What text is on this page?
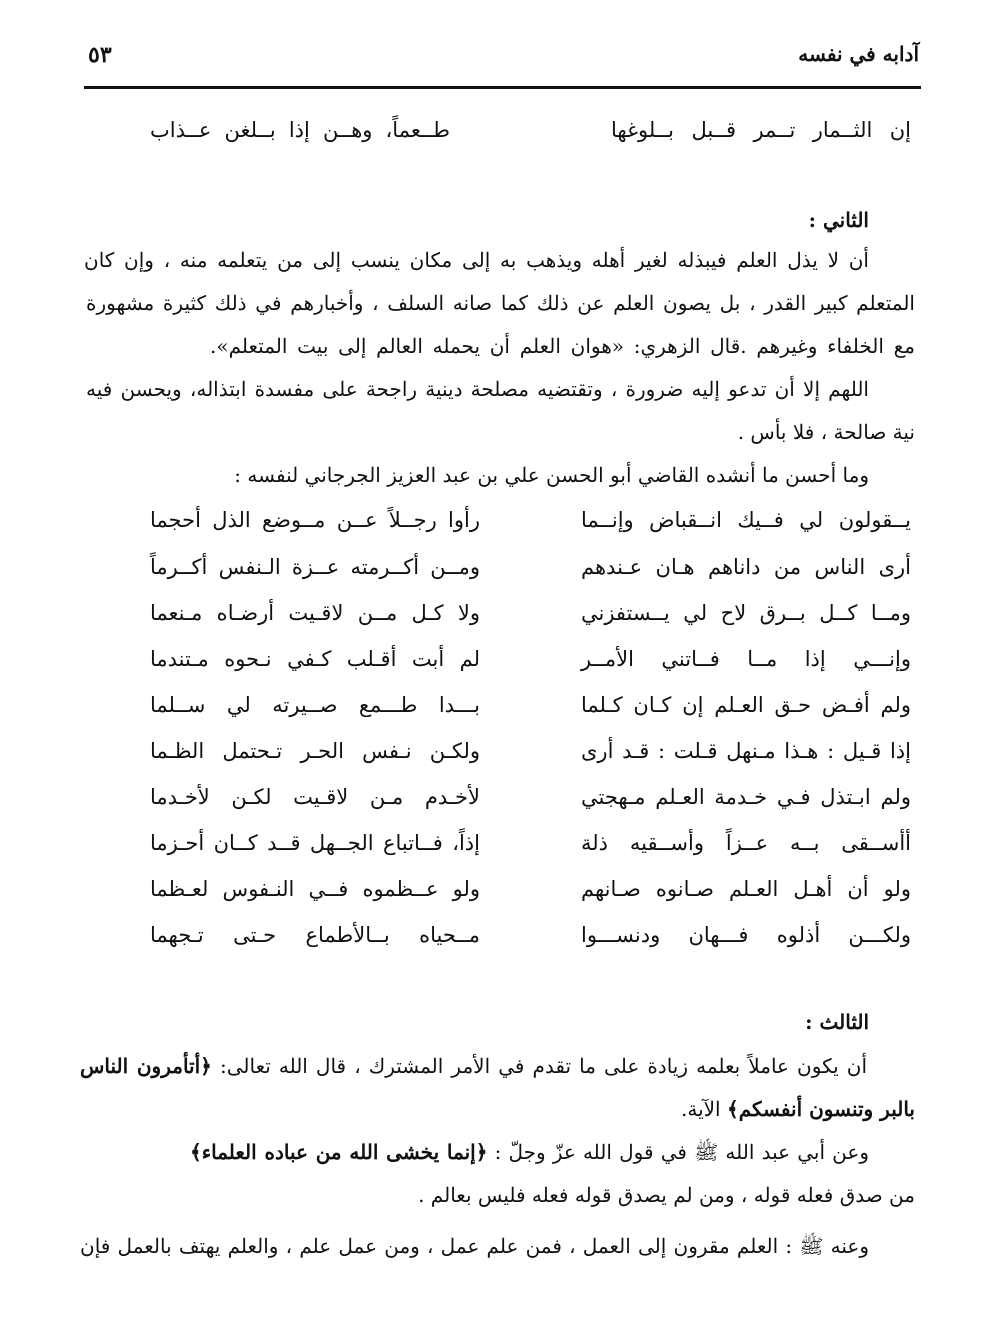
آدابه في نفسه
٥٣
إن الثــمار تــمر قــبل بــلوغها
طــعماً، وهــن إذا بــلغن عــذاب
الثاني :
أن لا يذل العلم فيبذله لغير أهله ويذهب به إلى مكان ينسب إلى من يتعلمه منه ، وإن كان
المتعلم كبير القدر ، بل يصون العلم عن ذلك كما صانه السلف ، وأخبارهم في ذلك كثيرة مشهورة
مع الخلفاء وغيرهم .قال الزهري: «هوان العلم أن يحمله العالم إلى بيت المتعلم».
اللهم إلا أن تدعو إليه ضرورة ، وتقتضيه مصلحة دينية راجحة على مفسدة ابتذاله، ويحسن فيه
نية صالحة ، فلا بأس .
وما أحسن ما أنشده القاضي أبو الحسن علي بن عبد العزيز الجرجاني لنفسه :
يــقولون لي فــيك انــقباض وإنــما
رأوا رجــلاً عــن مــوضع الذل أحجما
أرى الناس من داناهم هـان عـندهم
ومــن أكــرمته عــزة الـنفس أكــرماً
ومــا كــل بــرق لاح لي يــستفزني
ولا كـل مــن لاقـيت أرضـاه مـنعما
وإنـــي إذا مــا فــاتني الأمــر
لم أبت أقـلب كـفي نـحوه مـتندما
ولم أفـض حـق العـلم إن كـان كـلما
بـــدا طـــمع صــيرته لي ســلما
إذا قـيل : هـذا مـنهل قـلت : قـد أرى
ولكـن نـفس الحـر تـحتمل الظـما
ولم ابـتذل فـي خـدمة العـلم مـهجتي
لأخـدم مـن لاقـيت لكـن لأخـدما
أأســقى بــه عــزاً وأســقيه ذلة
إذاً، فــاتباع الجــهل قــد كــان أحـزما
ولو أن أهـل العـلم صـانوه صـانهم
ولو عــظموه فــي النـفوس لعـظما
ولكـــن أذلوه فـــهان ودنســـوا
مــحياه بــالأطماع حـتى تـجهما
الثالث :
أن يكون عاملاً بعلمه زيادة على ما تقدم في الأمر المشترك ، قال الله تعالى: ﴿أتأمرون الناس
بالبر وتنسون أنفسكم﴾ الآية.
وعن أبي عبد الله ﷺ في قول الله عزّ وجلّ : ﴿إنما يخشى الله من عباده العلماء﴾
من صدق فعله قوله ، ومن لم يصدق قوله فعله فليس بعالم .
وعنه ﷺ : العلم مقرون إلى العمل ، فمن علم عمل ، ومن عمل علم ، والعلم يهتف بالعمل فإن
